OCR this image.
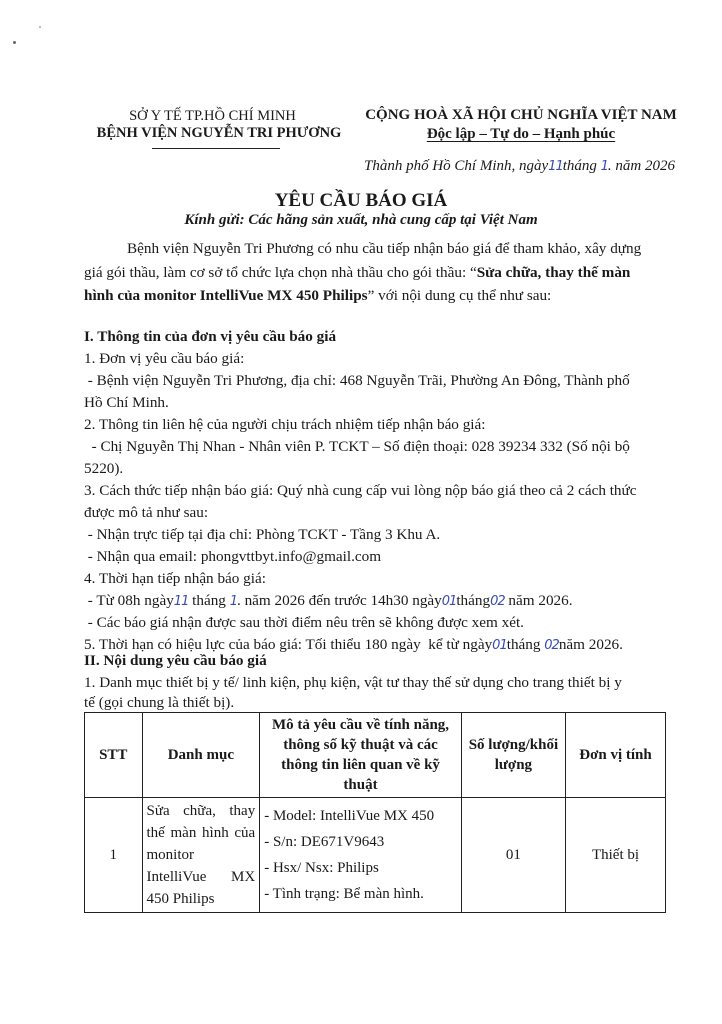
SỞ Y TẾ TP.HỒ CHÍ MINH
BỆNH VIỆN NGUYỄN TRI PHƯƠNG
CỘNG HOÀ XÃ HỘI CHỦ NGHĨA VIỆT NAM
Độc lập – Tự do – Hạnh phúc
Thành phố Hồ Chí Minh, ngày11tháng 1. năm 2026
YÊU CẦU BÁO GIÁ
Kính gửi: Các hãng sản xuất, nhà cung cấp tại Việt Nam
Bệnh viện Nguyễn Tri Phương có nhu cầu tiếp nhận báo giá để tham khảo, xây dựng
giá gói thầu, làm cơ sở tổ chức lựa chọn nhà thầu cho gói thầu: “Sửa chữa, thay thế màn
hình của monitor IntelliVue MX 450 Philips” với nội dung cụ thể như sau:
I. Thông tin của đơn vị yêu cầu báo giá
1. Đơn vị yêu cầu báo giá:
- Bệnh viện Nguyễn Tri Phương, địa chỉ: 468 Nguyễn Trãi, Phường An Đông, Thành phố
Hồ Chí Minh.
2. Thông tin liên hệ của người chịu trách nhiệm tiếp nhận báo giá:
- Chị Nguyễn Thị Nhan - Nhân viên P. TCKT – Số điện thoại: 028 39234 332 (Số nội bộ
5220).
3. Cách thức tiếp nhận báo giá: Quý nhà cung cấp vui lòng nộp báo giá theo cả 2 cách thức
được mô tả như sau:
- Nhận trực tiếp tại địa chỉ: Phòng TCKT - Tầng 3 Khu A.
- Nhận qua email: phongvttbyt.info@gmail.com
4. Thời hạn tiếp nhận báo giá:
- Từ 08h ngày11 tháng 1. năm 2026 đến trước 14h30 ngày01tháng02 năm 2026.
- Các báo giá nhận được sau thời điểm nêu trên sẽ không được xem xét.
5. Thời hạn có hiệu lực của báo giá: Tối thiểu 180 ngày  kể từ ngày01tháng 02năm 2026.
II. Nội dung yêu cầu báo giá
1. Danh mục thiết bị y tế/ linh kiện, phụ kiện, vật tư thay thế sử dụng cho trang thiết bị y
tế (gọi chung là thiết bị).
STT	Danh mục	Mô tả yêu cầu về tính năng, thông số kỹ thuật và các thông tin liên quan về kỹ thuật	Số lượng/khối lượng	Đơn vị tính
1	Sửa chữa, thay thế màn hình của monitor IntelliVue MX 450 Philips	- Model: IntelliVue MX 450
- S/n: DE671V9643
- Hsx/ Nsx: Philips
- Tình trạng: Bể màn hình.	01	Thiết bị
